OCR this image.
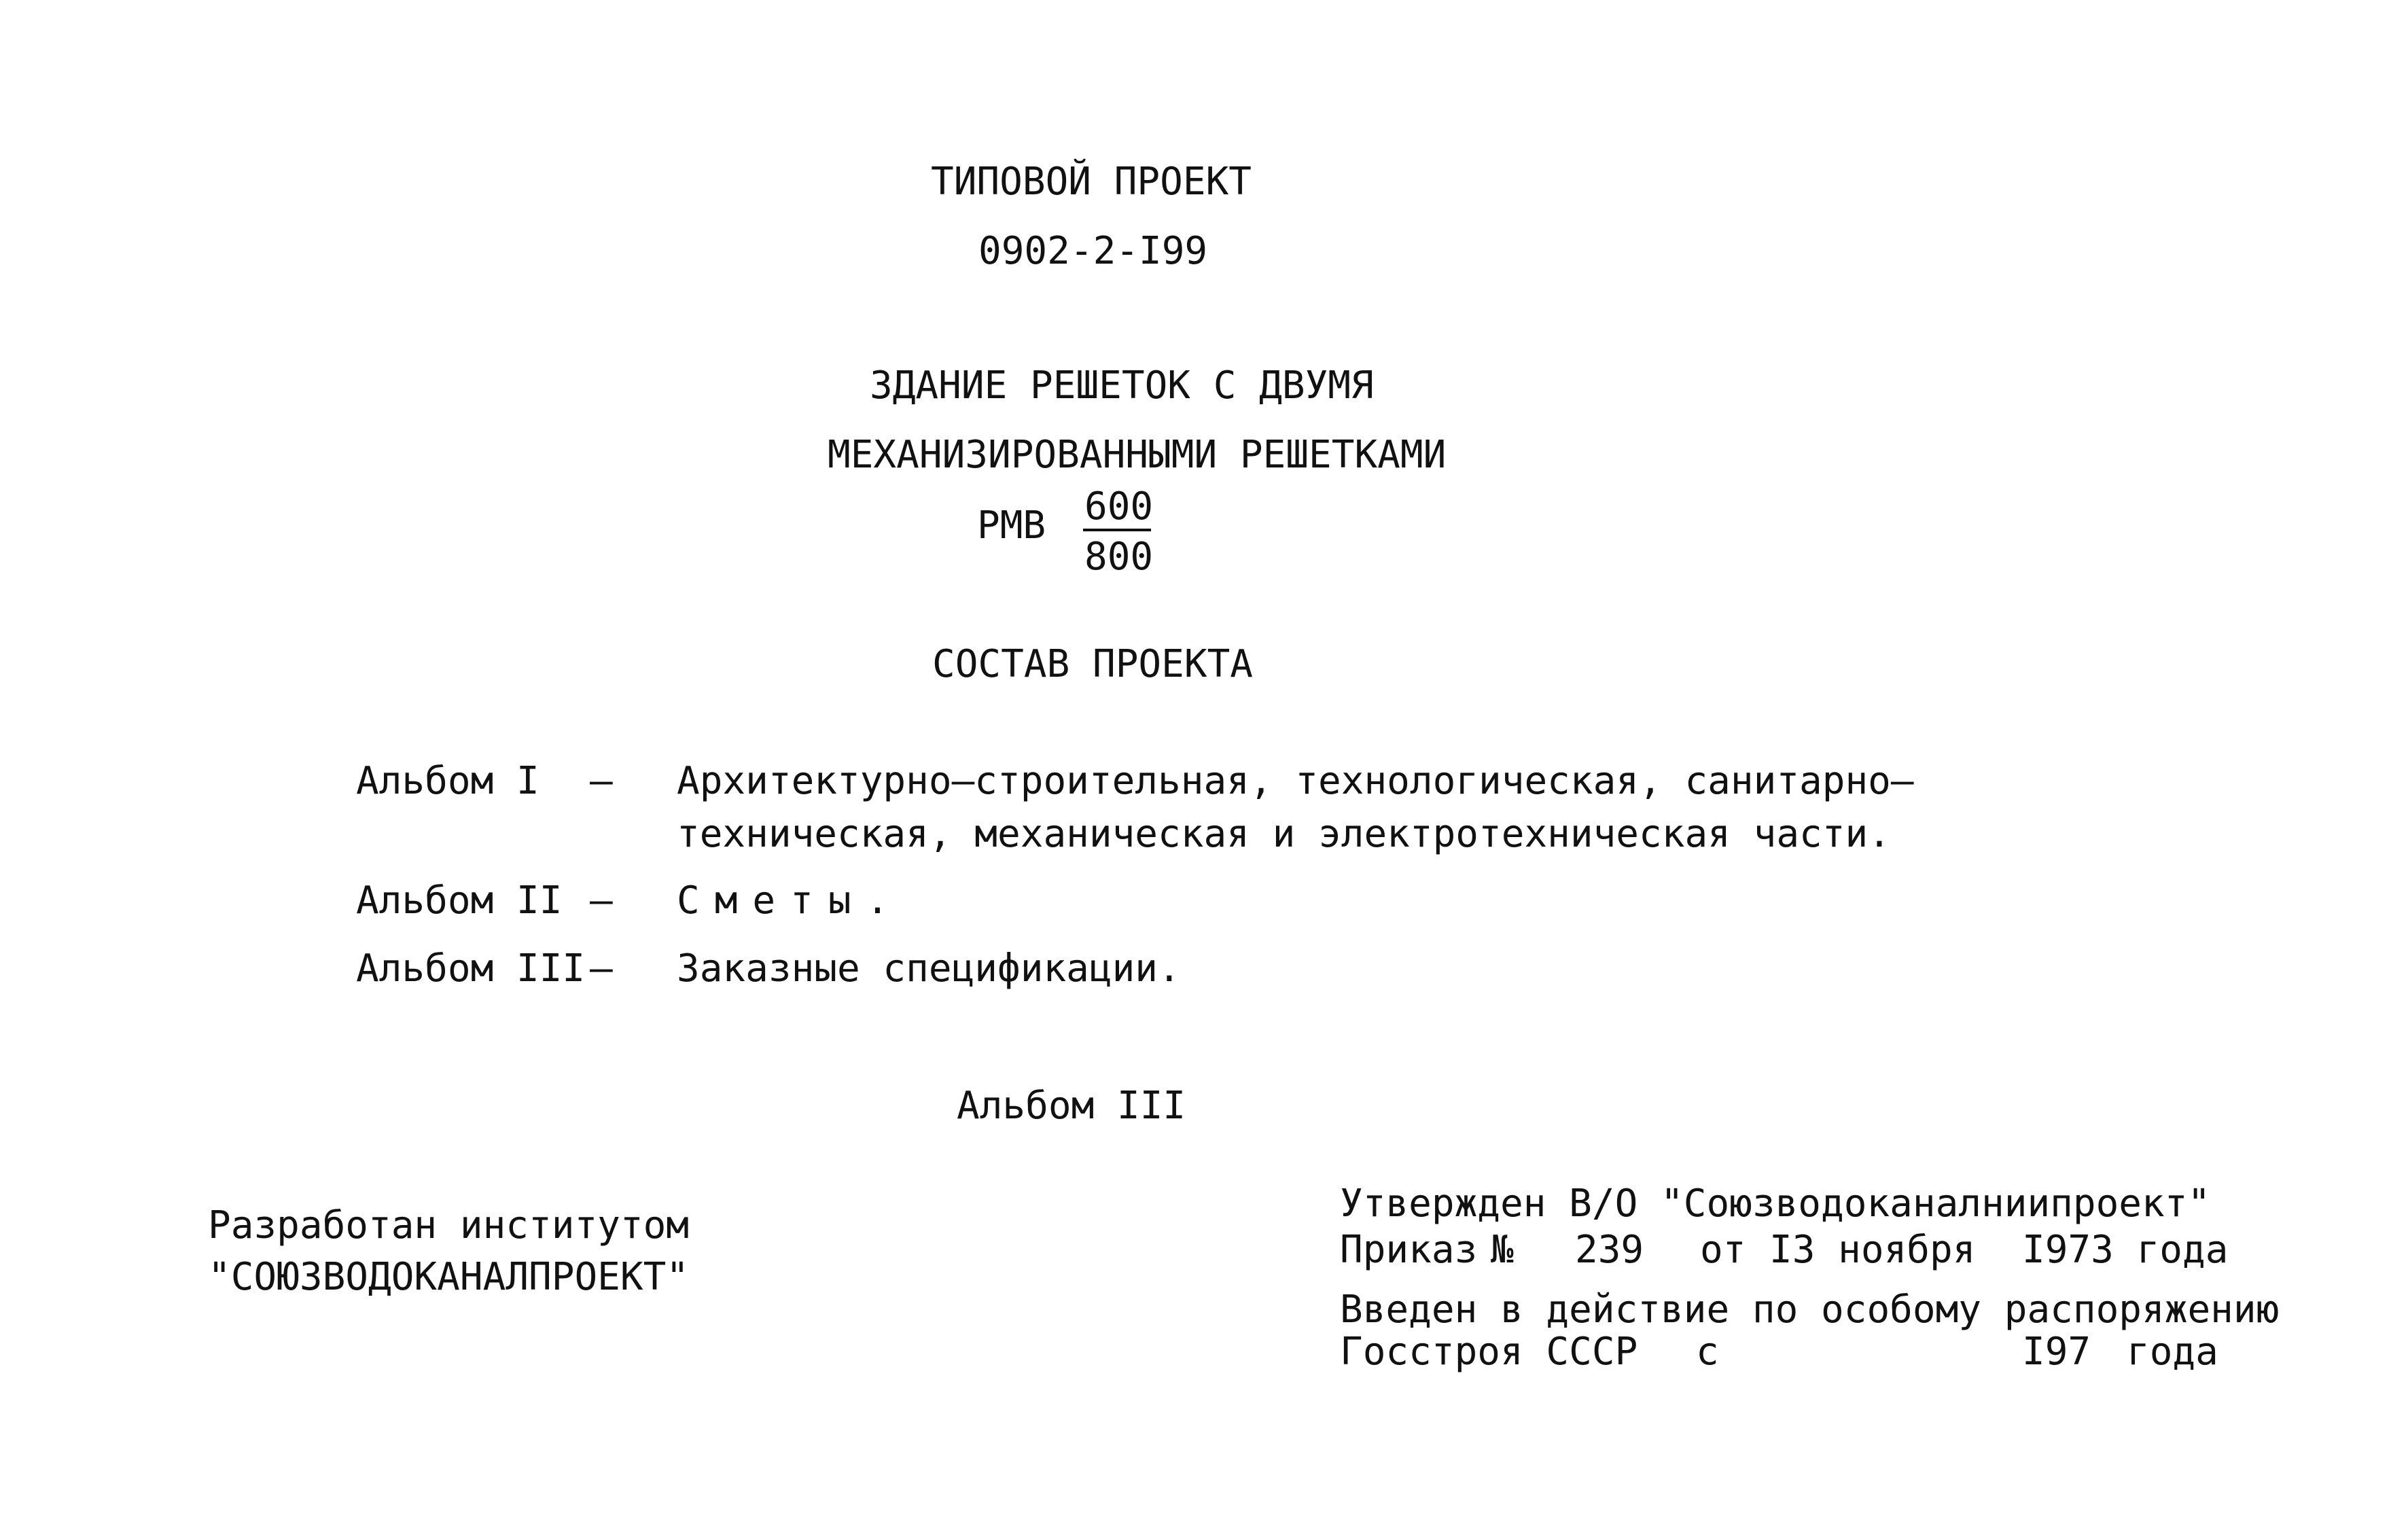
ТИПОВОЙ ПРОЕКТ
0902-2-I99
ЗДАНИЕ РЕШЕТОК С ДВУМЯ
МЕХАНИЗИРОВАННЫМИ РЕШЕТКАМИ
РМВ 600
800
СОСТАВ ПРОЕКТА
Альбом I – Архитектурно–строительная, технологическая, санитарно–
техническая, механическая и электротехническая части.
Альбом II – Сметы.
Альбом III – Заказные спецификации.
Альбом III
Разработан институтом
"СОЮЗВОДОКАНАЛПРОЕКТ"
Утвержден В/О "Союзводоканалниипроект"
Приказ № 239 от I3 ноября I973 года
Введен в действие по особому распоряжению
Госстроя СССР с	I97 года
